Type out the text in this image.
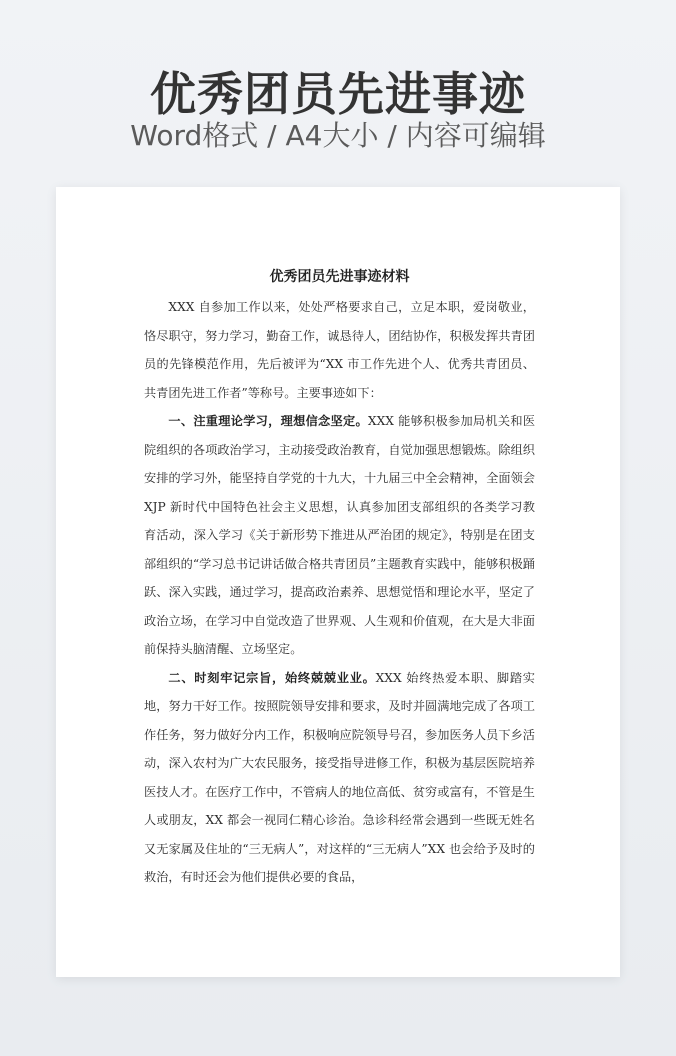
优秀团员先进事迹
Word格式 / A4大小 / 内容可编辑
优秀团员先进事迹材料

XXX 自参加工作以来，处处严格要求自己，立足本职，爱岗敬业，恪尽职守，努力学习，勤奋工作，诚恳待人，团结协作，积极发挥共青团员的先锋模范作用，先后被评为“XX 市工作先进个人、优秀共青团员、共青团先进工作者”等称号。主要事迹如下：

一、注重理论学习，理想信念坚定。XXX 能够积极参加局机关和医院组织的各项政治学习，主动接受政治教育，自觉加强思想锻炼。除组织安排的学习外，能坚持自学党的十九大，十九届三中全会精神，全面领会 XJP 新时代中国特色社会主义思想，认真参加团支部组织的各类学习教育活动，深入学习《关于新形势下推进从严治团的规定》，特别是在团支部组织的“学习总书记讲话做合格共青团员”主题教育实践中，能够积极踊跃、深入实践，通过学习，提高政治素养、思想觉悟和理论水平，坚定了政治立场，在学习中自觉改造了世界观、人生观和价值观，在大是大非面前保持头脑清醒、立场坚定。

二、时刻牢记宗旨，始终兢兢业业。XXX 始终热爱本职、脚踏实地，努力干好工作。按照院领导安排和要求，及时并圆满地完成了各项工作任务，努力做好分内工作，积极响应院领导号召，参加医务人员下乡活动，深入农村为广大农民服务，接受指导进修工作，积极为基层医院培养医技人才。在医疗工作中，不管病人的地位高低、贫穷或富有，不管是生人或朋友，XX 都会一视同仁精心诊治。急诊科经常会遇到一些既无姓名又无家属及住址的“三无病人”，对这样的“三无病人”XX 也会给予及时的救治，有时还会为他们提供必要的食品，
